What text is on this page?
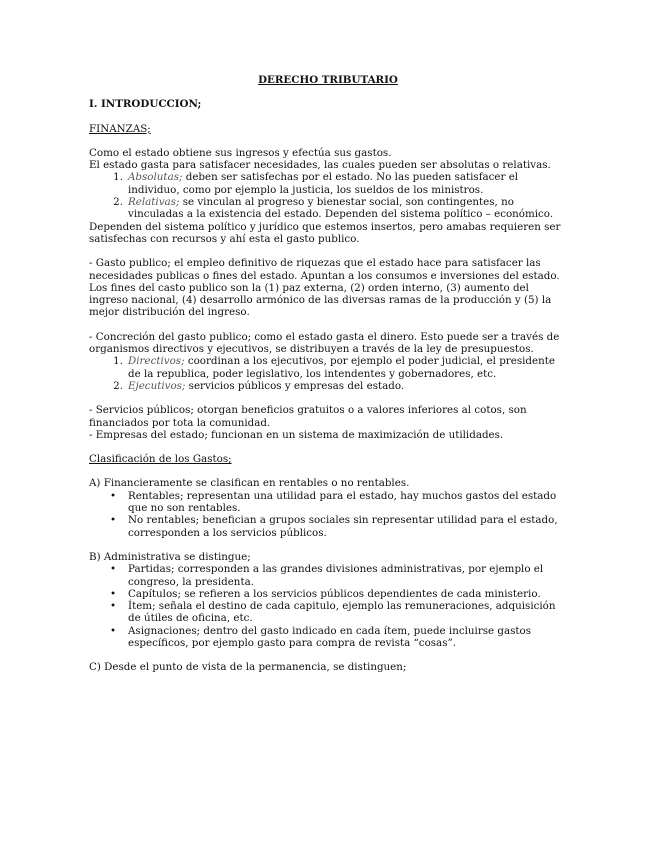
DERECHO TRIBUTARIO
I. INTRODUCCION;
FINANZAS;

Como el estado obtiene sus ingresos y efectúa sus gastos.

El estado gasta para satisfacer necesidades, las cuales pueden ser absolutas o relativas.

1. Absolutas; deben ser satisfechas por el estado. No las pueden satisfacer el individuo, como por ejemplo la justicia, los sueldos de los ministros.
2. Relativas; se vinculan al progreso y bienestar social, son contingentes, no vinculadas a la existencia del estado. Dependen del sistema político – económico.

Dependen del sistema político y jurídico que estemos insertos, pero amabas requieren ser satisfechas con recursos y ahí esta el gasto publico.

- Gasto publico; el empleo definitivo de riquezas que el estado hace para satisfacer las necesidades publicas o fines del estado. Apuntan a los consumos e inversiones del estado.

Los fines del casto publico son la (1) paz externa, (2) orden interno, (3) aumento del ingreso nacional, (4) desarrollo armónico de las diversas ramas de la producción y (5) la mejor distribución del ingreso.

- Concreción del gasto publico; como el estado gasta el dinero. Esto puede ser a través de organismos directivos y ejecutivos, se distribuyen a través de la ley de presupuestos.

1. Directivos; coordinan a los ejecutivos, por ejemplo el poder judicial, el presidente de la republica, poder legislativo, los intendentes y gobernadores, etc.
2. Ejecutivos; servicios públicos y empresas del estado.

- Servicios públicos; otorgan beneficios gratuitos o a valores inferiores al cotos, son financiados por tota la comunidad.

- Empresas del estado; funcionan en un sistema de maximización de utilidades.

Clasificación de los Gastos;

A) Financieramente se clasifican en rentables o no rentables.

• Rentables; representan una utilidad para el estado, hay muchos gastos del estado que no son rentables.
• No rentables; benefician a grupos sociales sin representar utilidad para el estado, corresponden a los servicios públicos.

B) Administrativa se distingue;

• Partidas; corresponden a las grandes divisiones administrativas, por ejemplo el congreso, la presidenta.
• Capítulos; se refieren a los servicios públicos dependientes de cada ministerio.
• Ítem; señala el destino de cada capitulo, ejemplo las remuneraciones, adquisición de útiles de oficina, etc.
• Asignaciones; dentro del gasto indicado en cada ítem, puede incluirse gastos específicos, por ejemplo gasto para compra de revista “cosas”.

C) Desde el punto de vista de la permanencia, se distinguen;
